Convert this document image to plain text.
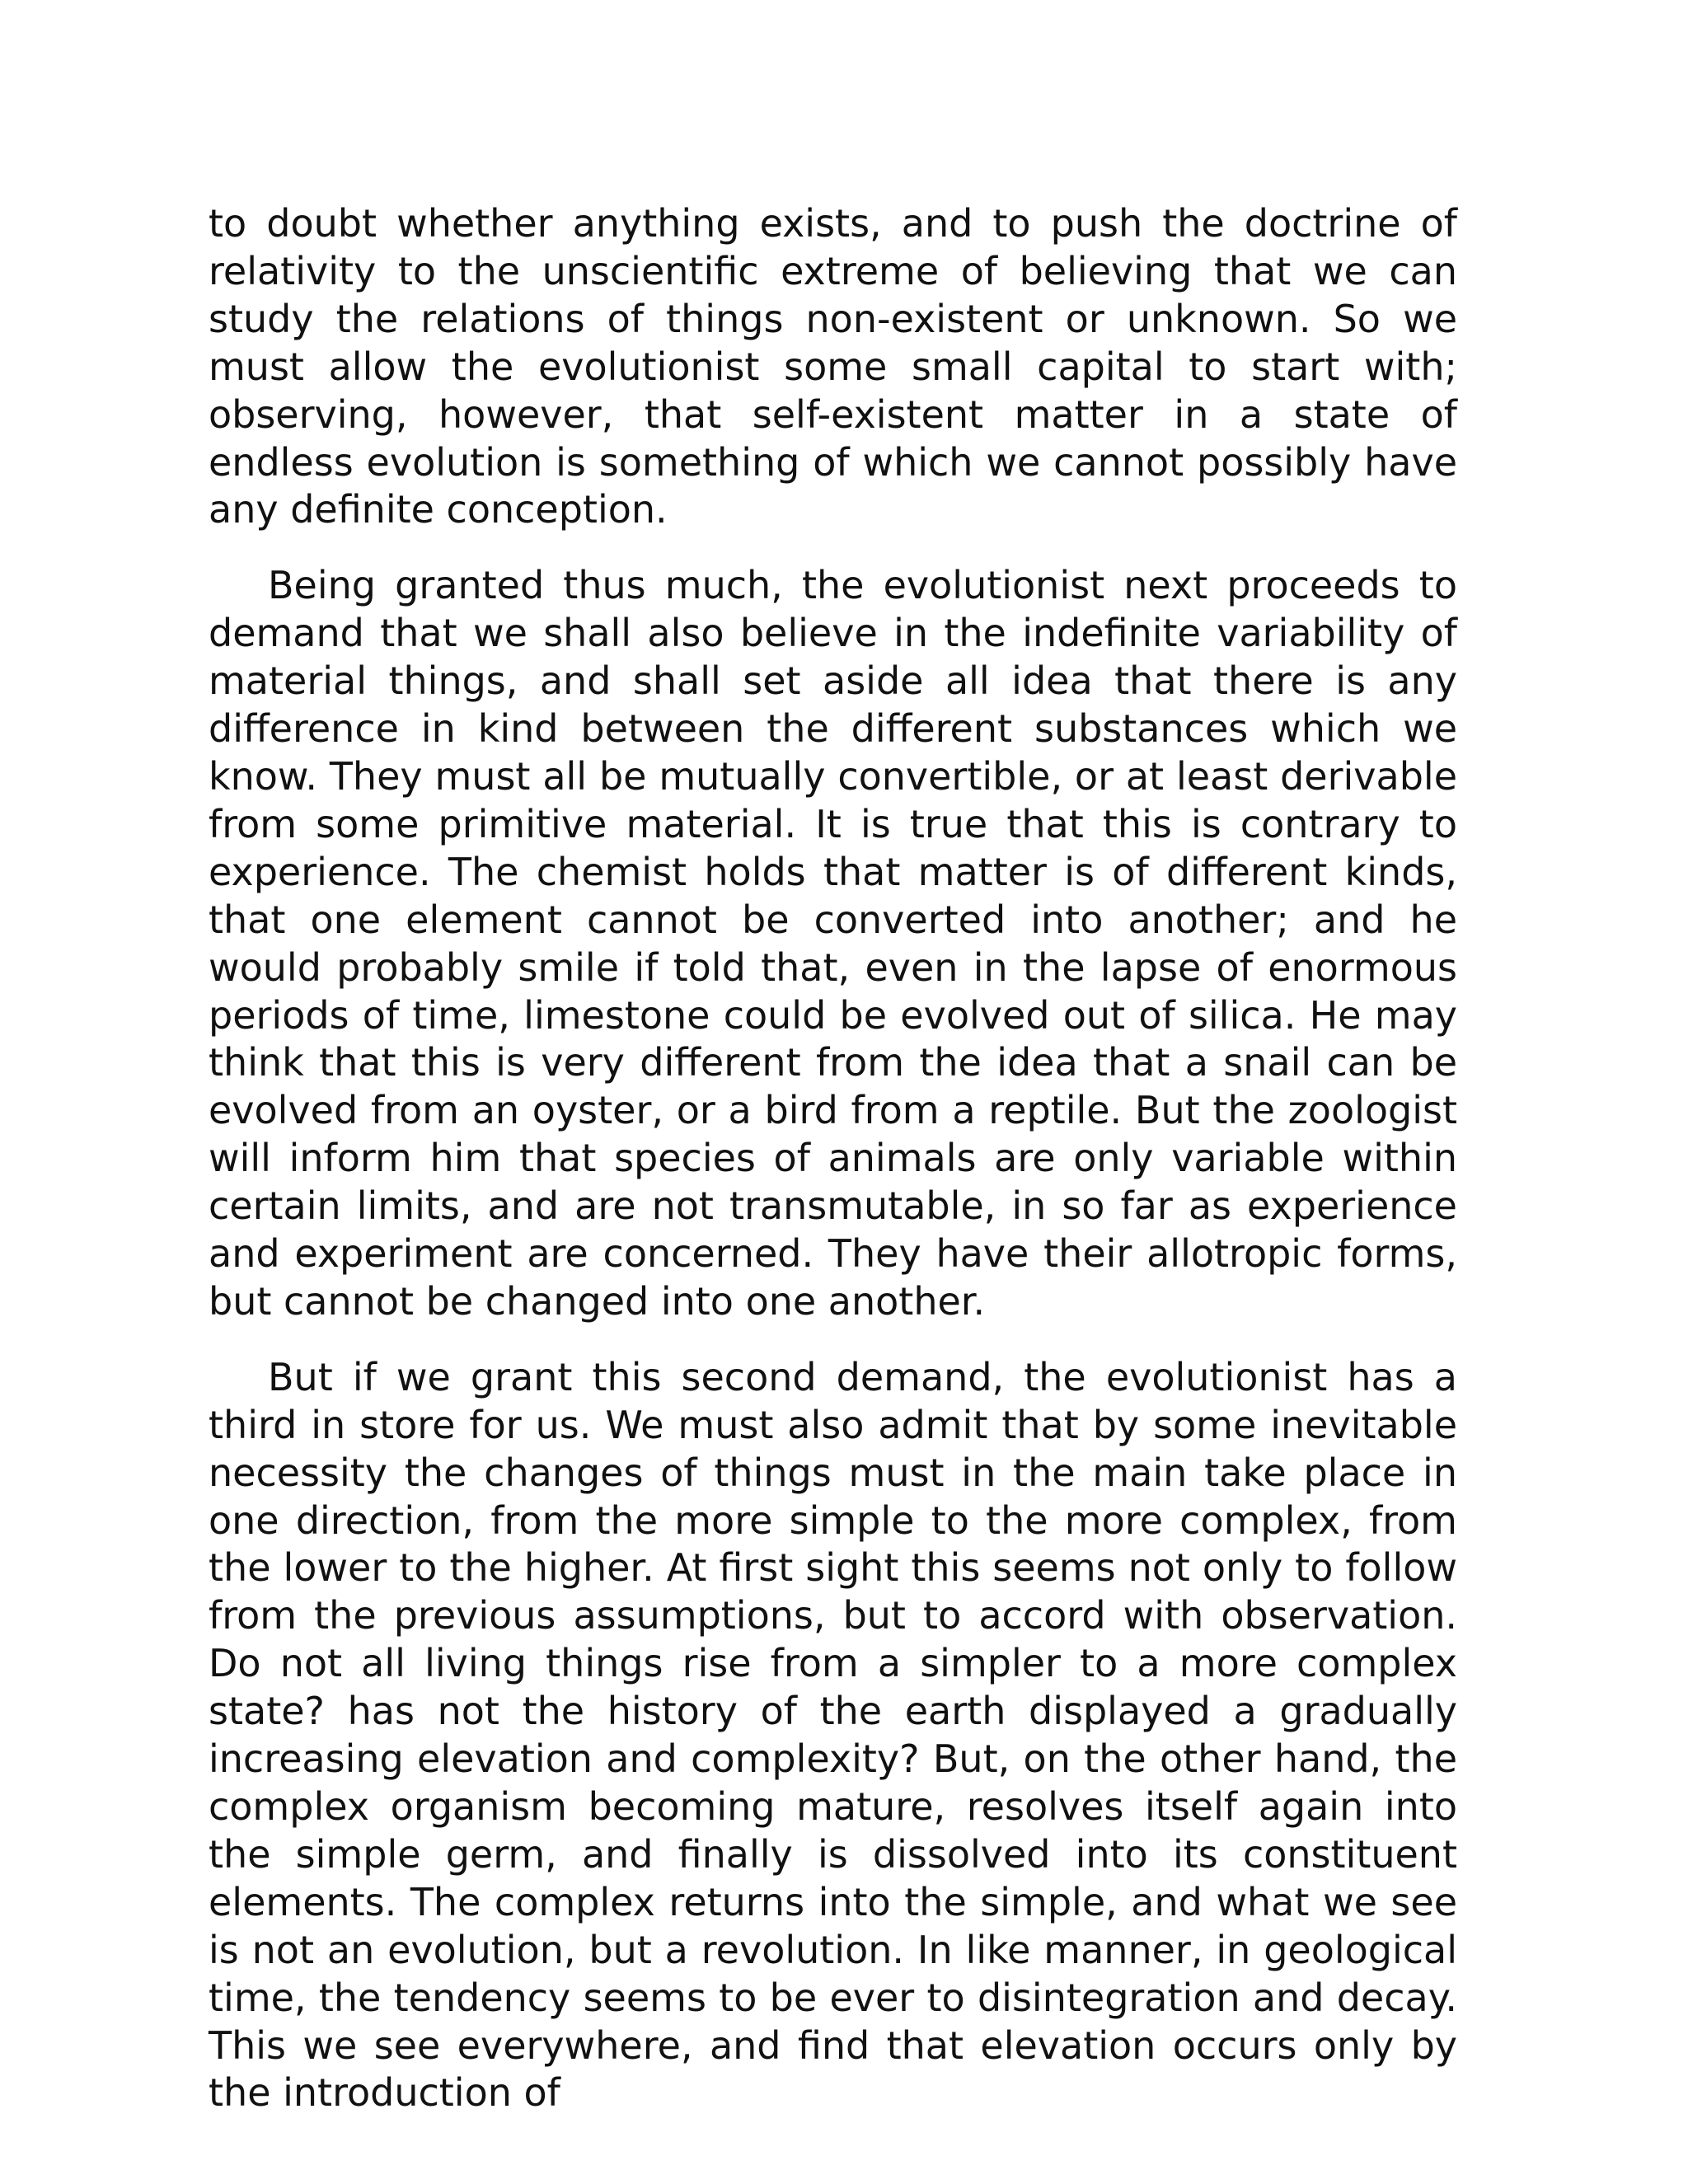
to doubt whether anything exists, and to push the doctrine of relativity to the unscientific extreme of believing that we can study the relations of things non-existent or unknown. So we must allow the evolutionist some small capital to start with; observing, however, that self-existent matter in a state of endless evolution is something of which we cannot possibly have any definite conception.

Being granted thus much, the evolutionist next proceeds to demand that we shall also believe in the indefinite variability of material things, and shall set aside all idea that there is any difference in kind between the different substances which we know. They must all be mutually convertible, or at least derivable from some primitive material. It is true that this is contrary to experience. The chemist holds that matter is of different kinds, that one element cannot be converted into another; and he would probably smile if told that, even in the lapse of enormous periods of time, limestone could be evolved out of silica. He may think that this is very different from the idea that a snail can be evolved from an oyster, or a bird from a reptile. But the zoologist will inform him that species of animals are only variable within certain limits, and are not transmutable, in so far as experience and experiment are concerned. They have their allotropic forms, but cannot be changed into one another.

But if we grant this second demand, the evolutionist has a third in store for us. We must also admit that by some inevitable necessity the changes of things must in the main take place in one direction, from the more simple to the more complex, from the lower to the higher. At first sight this seems not only to follow from the previous assumptions, but to accord with observation. Do not all living things rise from a simpler to a more complex state? has not the history of the earth displayed a gradually increasing elevation and complexity? But, on the other hand, the complex organism becoming mature, resolves itself again into the simple germ, and finally is dissolved into its constituent elements. The complex returns into the simple, and what we see is not an evolution, but a revolution. In like manner, in geological time, the tendency seems to be ever to disintegration and decay. This we see everywhere, and find that elevation occurs only by the introduction of
